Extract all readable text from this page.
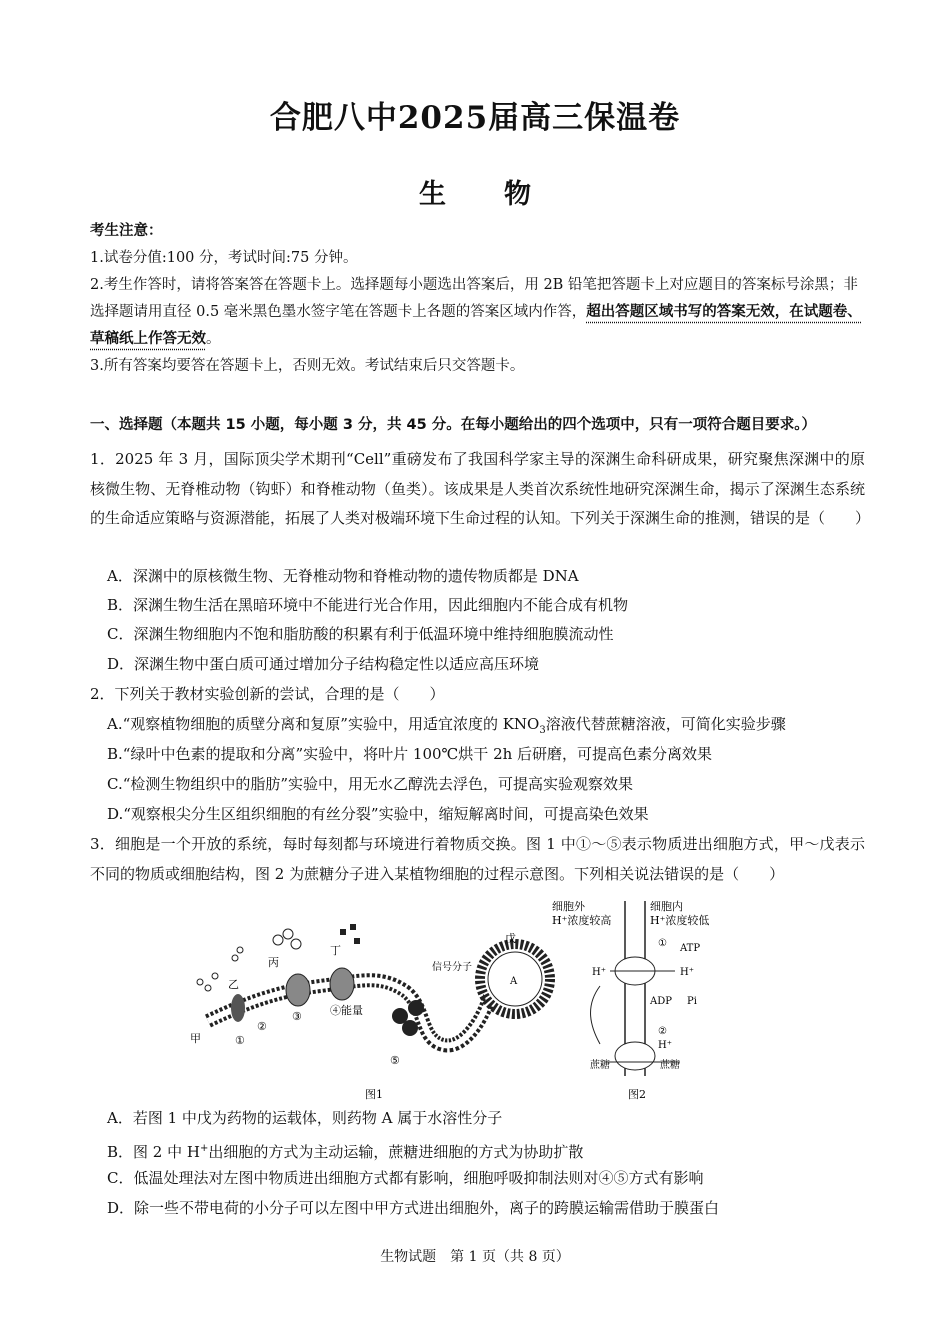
合肥八中2025届高三保温卷
生物
考生注意：
1.试卷分值:100 分，考试时间:75 分钟。
2.考生作答时，请将答案答在答题卡上。选择题每小题选出答案后，用 2B 铅笔把答题卡上对应题目的答案标号涂黑；非选择题请用直径 0.5 毫米黑色墨水签字笔在答题卡上各题的答案区域内作答，超出答题区域书写的答案无效，在试题卷、草稿纸上作答无效。
3.所有答案均要答在答题卡上，否则无效。考试结束后只交答题卡。
一、选择题（本题共 15 小题，每小题 3 分，共 45 分。在每小题给出的四个选项中，只有一项符合题目要求。）
1．2025 年 3 月，国际顶尖学术期刊“Cell”重磅发布了我国科学家主导的深渊生命科研成果，研究聚焦深渊中的原核微生物、无脊椎动物（钩虾）和脊椎动物（鱼类）。该成果是人类首次系统性地研究深渊生命，揭示了深渊生态系统的生命适应策略与资源潜能，拓展了人类对极端环境下生命过程的认知。下列关于深渊生命的推测，错误的是（　　）
A．深渊中的原核微生物、无脊椎动物和脊椎动物的遗传物质都是 DNA
B．深渊生物生活在黑暗环境中不能进行光合作用，因此细胞内不能合成有机物
C．深渊生物细胞内不饱和脂肪酸的积累有利于低温环境中维持细胞膜流动性
D．深渊生物中蛋白质可通过增加分子结构稳定性以适应高压环境
2．下列关于教材实验创新的尝试，合理的是（　　）
A.“观察植物细胞的质壁分离和复原”实验中，用适宜浓度的 $KNO_3$溶液代替蔗糖溶液，可简化实验步骤
B.“绿叶中色素的提取和分离”实验中，将叶片 100℃烘干 2h 后研磨，可提高色素分离效果
C.“检测生物组织中的脂肪”实验中，用无水乙醇洗去浮色，可提高实验观察效果
D.“观察根尖分生区组织细胞的有丝分裂”实验中，缩短解离时间，可提高染色效果
3．细胞是一个开放的系统，每时每刻都与环境进行着物质交换。图 1 中①～⑤表示物质进出细胞方式，甲～戊表示不同的物质或细胞结构，图 2 为蔗糖分子进入某植物细胞的过程示意图。下列相关说法错误的是（　　）
甲
乙
丙
丁
戊
A
信号分子
①
②
③	④能量
⑤
图1
细胞外
H⁺浓度较高
细胞内
H⁺浓度较低
①
②
H⁺	H⁺
ATP
ADP Pi
H⁺
蔗糖	蔗糖
图2
A．若图 1 中戊为药物的运载体，则药物 A 属于水溶性分子
B．图 2 中 H+出细胞的方式为主动运输，蔗糖进细胞的方式为协助扩散
C．低温处理法对左图中物质进出细胞方式都有影响，细胞呼吸抑制法则对④⑤方式有影响
D．除一些不带电荷的小分子可以左图中甲方式进出细胞外，离子的跨膜运输需借助于膜蛋白
生物试题　第 1 页（共 8 页）
